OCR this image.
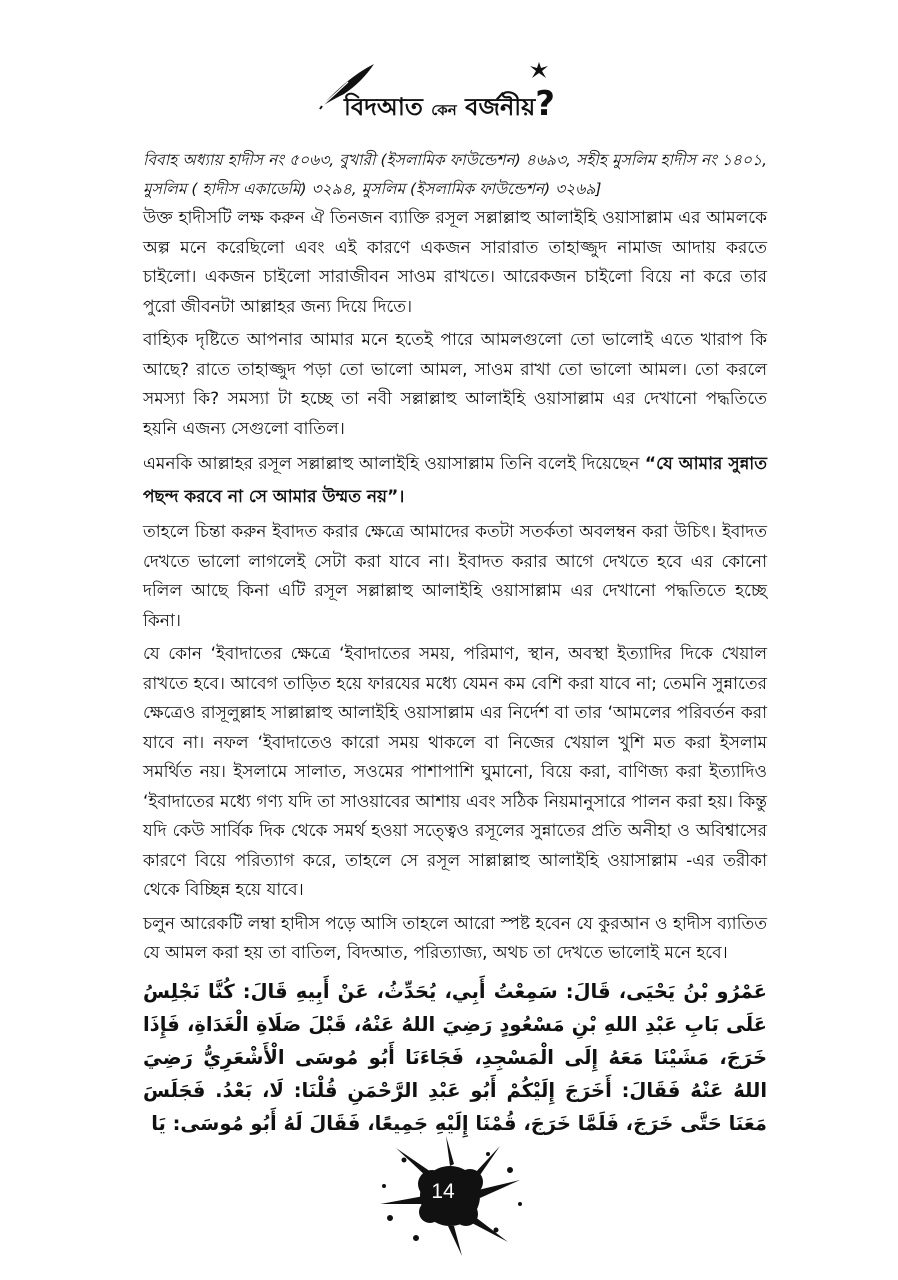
বিদআত কেন বর্জনীয়?

বিবাহ অধ্যায় হাদীস নং ৫০৬৩, বুখারী (ইসলামিক ফাউন্ডেশন) ৪৬৯৩, সহীহ মুসলিম হাদীস নং ১৪০১, মুসলিম ( হাদীস একাডেমি) ৩২৯৪, মুসলিম (ইসলামিক ফাউন্ডেশন) ৩২৬৯]

উক্ত হাদীসটি লক্ষ করুন ঐ তিনজন ব্যাক্তি রসূল সল্লাল্লাহু আলাইহি ওয়াসাল্লাম এর আমলকে অল্প মনে করেছিলো এবং এই কারণে একজন সারারাত তাহাজ্জুদ নামাজ আদায় করতে চাইলো। একজন চাইলো সারাজীবন সাওম রাখতে। আরেকজন চাইলো বিয়ে না করে তার পুরো জীবনটা আল্লাহর জন্য দিয়ে দিতে।

বাহ্যিক দৃষ্টিতে আপনার আমার মনে হতেই পারে আমলগুলো তো ভালোই এতে খারাপ কি আছে? রাতে তাহাজ্জুদ পড়া তো ভালো আমল, সাওম রাখা তো ভালো আমল। তো করলে সমস্যা কি? সমস্যা টা হচ্ছে তা নবী সল্লাল্লাহু আলাইহি ওয়াসাল্লাম এর দেখানো পদ্ধতিতে হয়নি এজন্য সেগুলো বাতিল।

এমনকি আল্লাহর রসূল সল্লাল্লাহু আলাইহি ওয়াসাল্লাম তিনি বলেই দিয়েছেন “যে আমার সুন্নাত পছন্দ করবে না সে আমার উম্মত নয়”।

তাহলে চিন্তা করুন ইবাদত করার ক্ষেত্রে আমাদের কতটা সতর্কতা অবলম্বন করা উচিৎ। ইবাদত দেখতে ভালো লাগলেই সেটা করা যাবে না। ইবাদত করার আগে দেখতে হবে এর কোনো দলিল আছে কিনা এটি রসূল সল্লাল্লাহু আলাইহি ওয়াসাল্লাম এর দেখানো পদ্ধতিতে হচ্ছে কিনা।

যে কোন ‘ইবাদাতের ক্ষেত্রে ‘ইবাদাতের সময়, পরিমাণ, স্থান, অবস্থা ইত্যাদির দিকে খেয়াল রাখতে হবে। আবেগ তাড়িত হয়ে ফারযের মধ্যে যেমন কম বেশি করা যাবে না; তেমনি সুন্নাতের ক্ষেত্রেও রাসূলুল্লাহ সাল্লাল্লাহু আলাইহি ওয়াসাল্লাম এর নির্দেশ বা তার ‘আমলের পরিবর্তন করা যাবে না। নফল ‘ইবাদাতেও কারো সময় থাকলে বা নিজের খেয়াল খুশি মত করা ইসলাম সমর্থিত নয়। ইসলামে সালাত, সওমের পাশাপাশি ঘুমানো, বিয়ে করা, বাণিজ্য করা ইত্যাদিও ‘ইবাদাতের মধ্যে গণ্য যদি তা সাওয়াবের আশায় এবং সঠিক নিয়মানুসারে পালন করা হয়। কিন্তু যদি কেউ সার্বিক দিক থেকে সমর্থ হওয়া সত্ত্বেও রসূলের সুন্নাতের প্রতি অনীহা ও অবিশ্বাসের কারণে বিয়ে পরিত্যাগ করে, তাহলে সে রসূল সাল্লাল্লাহু আলাইহি ওয়াসাল্লাম -এর তরীকা থেকে বিচ্ছিন্ন হয়ে যাবে।

চলুন আরেকটি লম্বা হাদীস পড়ে আসি তাহলে আরো স্পষ্ট হবেন যে কুরআন ও হাদীস ব্যাতিত যে আমল করা হয় তা বাতিল, বিদআত, পরিত্যাজ্য, অথচ তা দেখতে ভালোই মনে হবে।

عَمْرُو بْنُ يَحْيَى، قَالَ: سَمِعْتُ أَبِي، يُحَدِّثُ، عَنْ أَبِيهِ قَالَ: كُنَّا نَجْلِسُ عَلَى بَابِ عَبْدِ اللهِ بْنِ مَسْعُودٍ رَضِيَ اللهُ عَنْهُ، قَبْلَ صَلَاةِ الْغَدَاةِ، فَإِذَا خَرَجَ، مَشَيْنَا مَعَهُ إِلَى الْمَسْجِدِ، فَجَاءَنَا أَبُو مُوسَى الْأَشْعَرِيُّ رَضِيَ اللهُ عَنْهُ فَقَالَ: أَخَرَجَ إِلَيْكُمْ أَبُو عَبْدِ الرَّحْمَنِ قُلْنَا: لَا، بَعْدُ. فَجَلَسَ مَعَنَا حَتَّى خَرَجَ، فَلَمَّا خَرَجَ، قُمْنَا إِلَيْهِ جَمِيعًا، فَقَالَ لَهُ أَبُو مُوسَى: يَا

14
